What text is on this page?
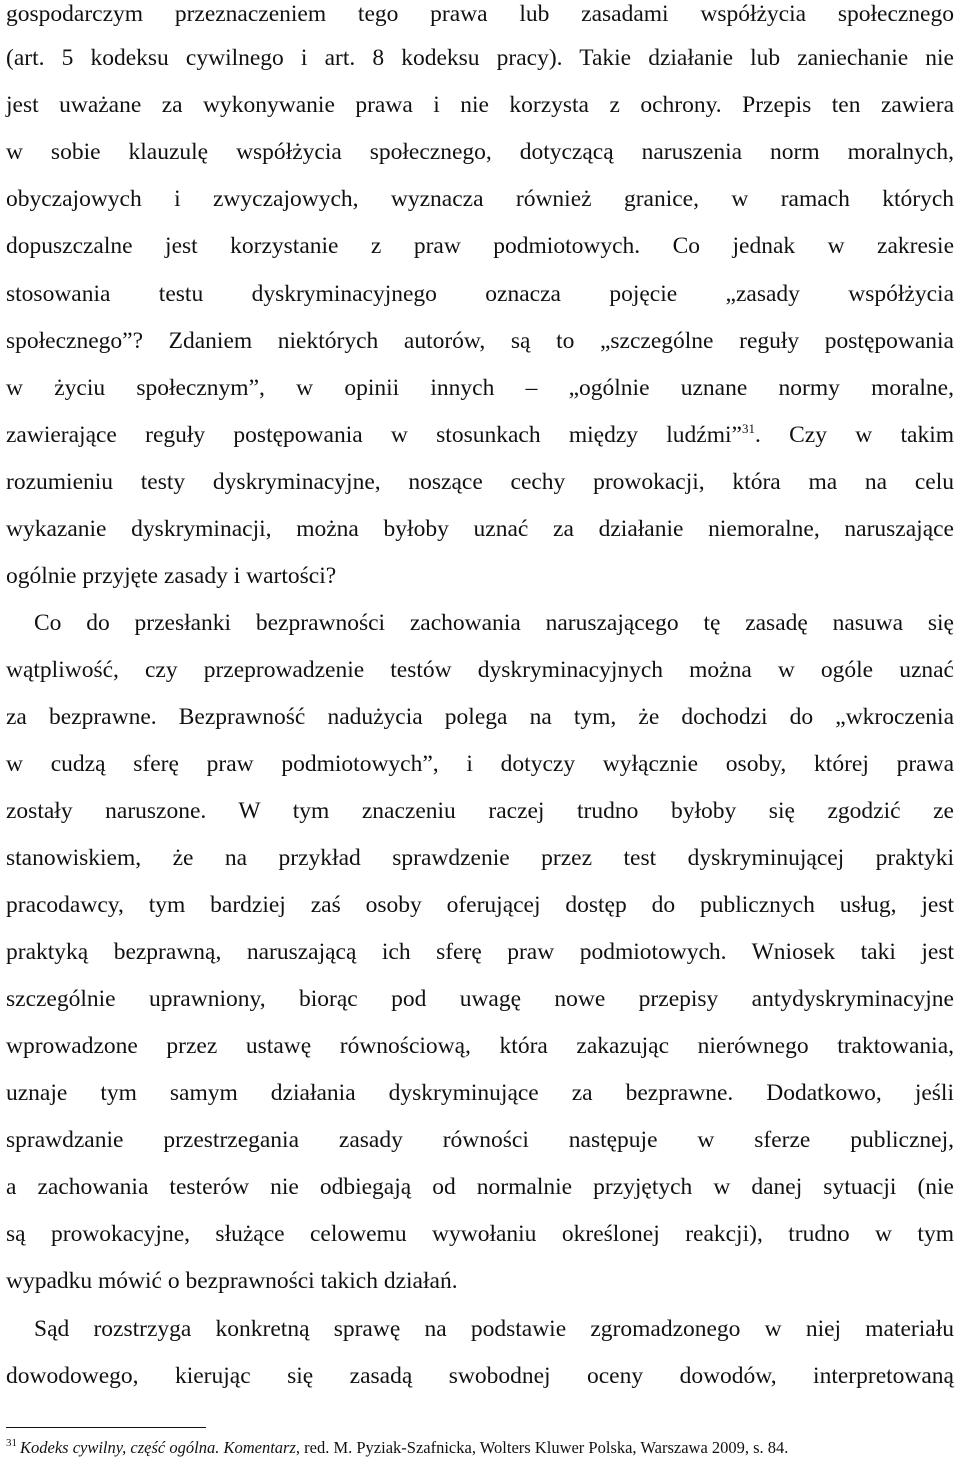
gospodarczym przeznaczeniem tego prawa lub zasadami współżycia społecznego
(art. 5 kodeksu cywilnego i art. 8 kodeksu pracy). Takie działanie lub zaniechanie nie
jest uważane za wykonywanie prawa i nie korzysta z ochrony. Przepis ten zawiera
w sobie klauzulę współżycia społecznego, dotyczącą naruszenia norm moralnych,
obyczajowych i zwyczajowych, wyznacza również granice, w ramach których
dopuszczalne jest korzystanie z praw podmiotowych. Co jednak w zakresie
stosowania testu dyskryminacyjnego oznacza pojęcie „zasady współżycia
społecznego”? Zdaniem niektórych autorów, są to „szczególne reguły postępowania
w życiu społecznym”, w opinii innych – „ogólnie uznane normy moralne,
zawierające reguły postępowania w stosunkach między ludźmi”$^{31}$. Czy w takim
rozumieniu testy dyskryminacyjne, noszące cechy prowokacji, która ma na celu
wykazanie dyskryminacji, można byłoby uznać za działanie niemoralne, naruszające
ogólnie przyjęte zasady i wartości?
Co do przesłanki bezprawności zachowania naruszającego tę zasadę nasuwa się
wątpliwość, czy przeprowadzenie testów dyskryminacyjnych można w ogóle uznać
za bezprawne. Bezprawność nadużycia polega na tym, że dochodzi do „wkroczenia
w cudzą sferę praw podmiotowych”, i dotyczy wyłącznie osoby, której prawa
zostały naruszone. W tym znaczeniu raczej trudno byłoby się zgodzić ze
stanowiskiem, że na przykład sprawdzenie przez test dyskryminującej praktyki
pracodawcy, tym bardziej zaś osoby oferującej dostęp do publicznych usług, jest
praktyką bezprawną, naruszającą ich sferę praw podmiotowych. Wniosek taki jest
szczególnie uprawniony, biorąc pod uwagę nowe przepisy antydyskryminacyjne
wprowadzone przez ustawę równościową, która zakazując nierównego traktowania,
uznaje tym samym działania dyskryminujące za bezprawne. Dodatkowo, jeśli
sprawdzanie przestrzegania zasady równości następuje w sferze publicznej,
a zachowania testerów nie odbiegają od normalnie przyjętych w danej sytuacji (nie
są prowokacyjne, służące celowemu wywołaniu określonej reakcji), trudno w tym
wypadku mówić o bezprawności takich działań.
Sąd rozstrzyga konkretną sprawę na podstawie zgromadzonego w niej materiału
dowodowego, kierując się zasadą swobodnej oceny dowodów, interpretowaną
$^{31}$ Kodeks cywilny, część ogólna. Komentarz, red. M. Pyziak-Szafnicka, Wolters Kluwer Polska, Warszawa 2009, s. 84.
